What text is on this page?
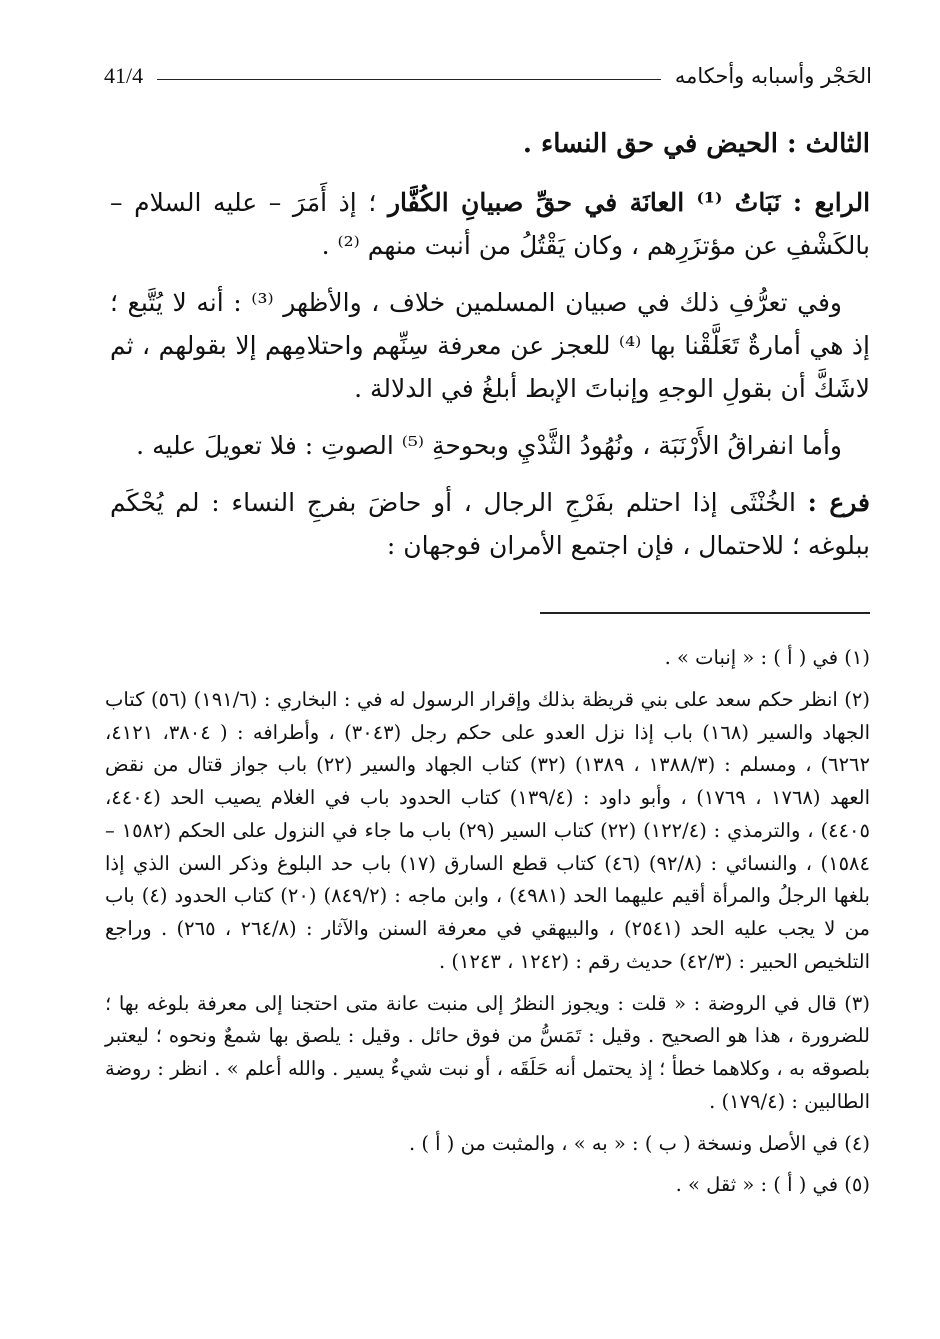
الحَجْر وأسبابه وأحكامه
41/4

الثالث : الحيض في حق النساء .

الرابع : نَبَاتُ ⁽¹⁾ العانَة في حقِّ صبيانِ الكُفَّار ؛ إذ أَمَرَ – عليه السلام – بالكَشْفِ عن مؤتزَرِهم ، وكان يَقْتُلُ من أنبت منهم ⁽²⁾ .

وفي تعرُّفِ ذلك في صبيان المسلمين خلاف ، والأظهر ⁽³⁾ : أنه لا يُتَّبع ؛ إذ هي أمارةٌ تَعَلَّقْنا بها ⁽⁴⁾ للعجز عن معرفة سِنِّهم واحتلامِهم إلا بقولهم ، ثم لاشَكَّ أن بقولِ الوجهِ وإنباتَ الإبط أبلغُ في الدلالة .

وأما انفراقُ الأَرْنَبَة ، ونُهُودُ الثَّدْيِ وبحوحةِ ⁽⁵⁾ الصوتِ : فلا تعويلَ عليه .

فرع : الخُنْثَى إذا احتلم بفَرْجِ الرجال ، أو حاضَ بفرجِ النساء : لم يُحْكَم ببلوغه ؛ للاحتمال ، فإن اجتمع الأمران فوجهان :

(١) في ( أ ) : « إنبات » .

(٢) انظر حكم سعد على بني قريظة بذلك وإقرار الرسول له في : البخاري : (١٩١/٦) (٥٦) كتاب الجهاد والسير (١٦٨) باب إذا نزل العدو على حكم رجل (٣٠٤٣) ، وأطرافه : ( ٣٨٠٤، ٤١٢١، ٦٢٦٢) ، ومسلم : (١٣٨٨/٣ ، ١٣٨٩) (٣٢) كتاب الجهاد والسير (٢٢) باب جواز قتال من نقض العهد (١٧٦٨ ، ١٧٦٩) ، وأبو داود : (١٣٩/٤) كتاب الحدود باب في الغلام يصيب الحد (٤٤٠٤، ٤٤٠٥) ، والترمذي : (١٢٢/٤) (٢٢) كتاب السير (٢٩) باب ما جاء في النزول على الحكم (١٥٨٢ – ١٥٨٤) ، والنسائي : (٩٢/٨) (٤٦) كتاب قطع السارق (١٧) باب حد البلوغ وذكر السن الذي إذا بلغها الرجلُ والمرأة أقيم عليهما الحد (٤٩٨١) ، وابن ماجه : (٨٤٩/٢) (٢٠) كتاب الحدود (٤) باب من لا يجب عليه الحد (٢٥٤١) ، والبيهقي في معرفة السنن والآثار : (٢٦٤/٨ ، ٢٦٥) . وراجع التلخيص الحبير : (٤٢/٣) حديث رقم : (١٢٤٢ ، ١٢٤٣) .

(٣) قال في الروضة : « قلت : ويجوز النظرُ إلى منبت عانة متى احتجنا إلى معرفة بلوغه بها ؛ للضرورة ، هذا هو الصحيح . وقيل : تَمَسُّ من فوق حائل . وقيل : يلصق بها شمعٌ ونحوه ؛ ليعتبر بلصوقه به ، وكلاهما خطأ ؛ إذ يحتمل أنه حَلَقَه ، أو نبت شيءٌ يسير . والله أعلم » . انظر : روضة الطالبين : (١٧٩/٤) .

(٤) في الأصل ونسخة ( ب ) : « به » ، والمثبت من ( أ ) .

(٥) في ( أ ) : « ثقل » .
